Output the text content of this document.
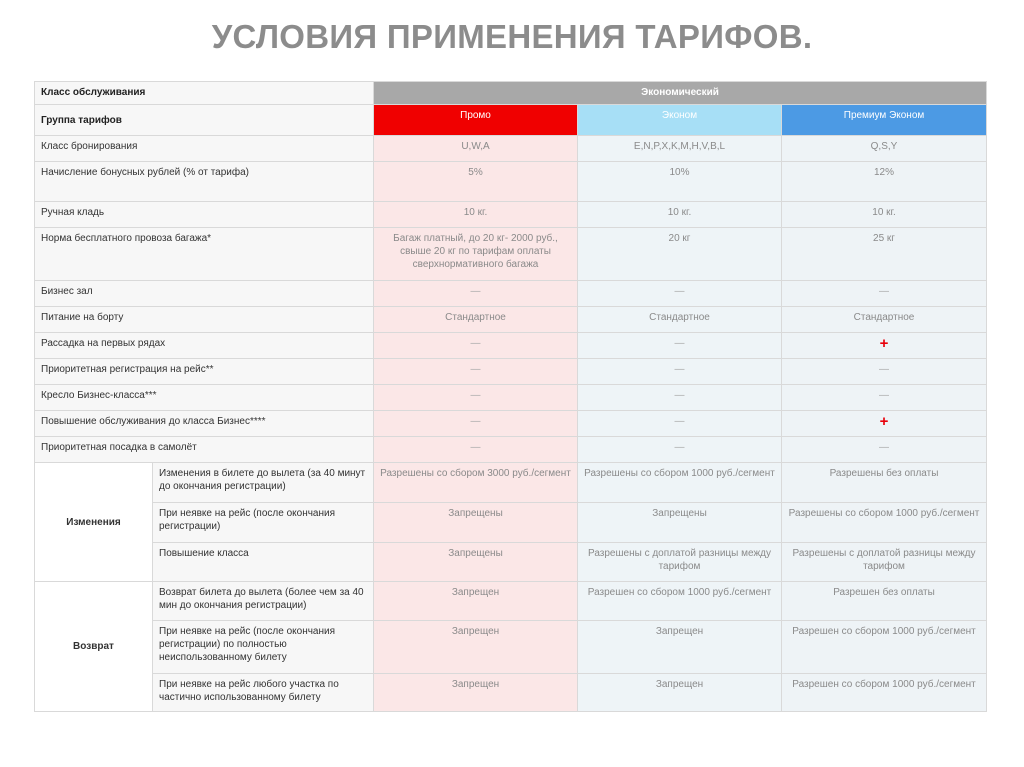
УСЛОВИЯ ПРИМЕНЕНИЯ ТАРИФОВ.
Класс обслуживания		Экономический		
Группа тарифов		Промо	Эконом	Премиум Эконом
Класс бронирования		U,W,A	E,N,P,X,K,M,H,V,B,L	Q,S,Y
Начисление бонусных рублей (% от тарифа)		5%	10%	12%
Ручная кладь		10 кг.	10 кг.	10 кг.
Норма бесплатного провоза багажа*		Багаж платный, до 20 кг- 2000 руб., свыше 20 кг по тарифам оплаты сверхнормативного багажа	20 кг	25 кг
Бизнес зал		—	—	—
Питание на борту		Стандартное	Стандартное	Стандартное
Рассадка на первых рядах		—	—	+
Приоритетная регистрация на рейс**		—	—	—
Кресло Бизнес-класса***		—	—	—
Повышение обслуживания до класса Бизнес****		—	—	+
Приоритетная посадка в самолёт		—	—	—
Изменения	Изменения в билете до вылета (за 40 минут до окончания регистрации)	Разрешены со сбором 3000 руб./сегмент	Разрешены со сбором 1000 руб./сегмент	Разрешены без оплаты
	При неявке на рейс (после окончания регистрации)	Запрещены	Запрещены	Разрешены со сбором 1000 руб./сегмент
	Повышение класса	Запрещены	Разрешены с доплатой разницы между тарифом	Разрешены с доплатой разницы между тарифом
Возврат	Возврат билета до вылета (более чем за 40 мин до окончания регистрации)	Запрещен	Разрешен со сбором 1000 руб./сегмент	Разрешен без оплаты
	При неявке на рейс (после окончания регистрации) по полностью неиспользованному билету	Запрещен	Запрещен	Разрешен со сбором 1000 руб./сегмент
	При неявке на рейс любого участка по частично использованному билету	Запрещен	Запрещен	Разрешен со сбором 1000 руб./сегмент
